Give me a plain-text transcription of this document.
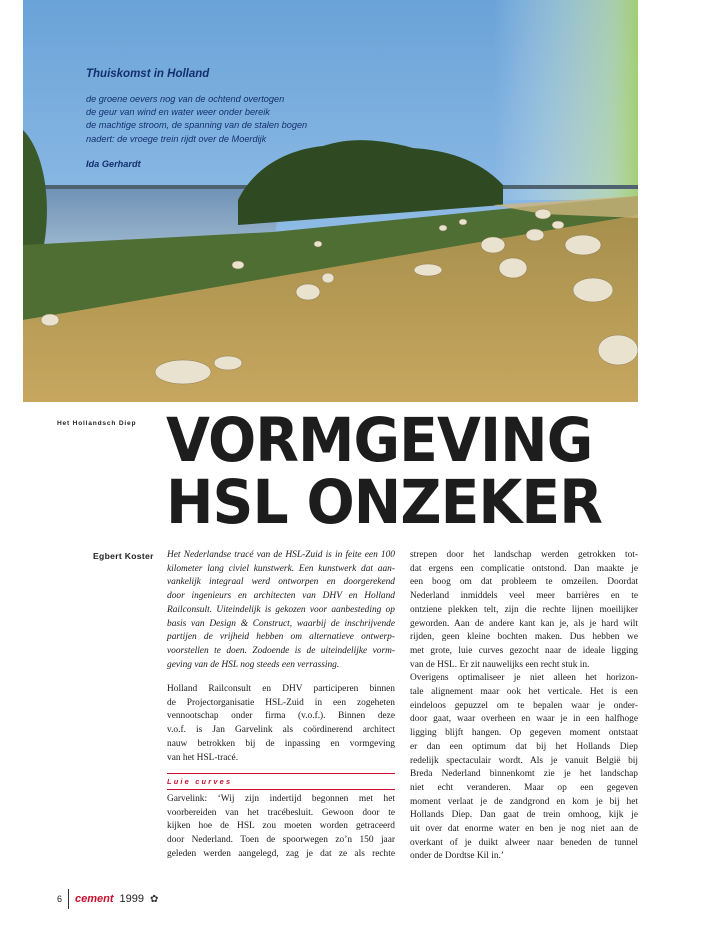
Thuiskomst in Holland

de groene oevers nog van de ochtend overtogen

de geur van wind en water weer onder bereik

de machtige stroom, de spanning van de stalen bogen

nadert: de vroege trein rijdt over de Moerdijk

Ida Gerhardt

Het Hollandsch Diep VORMGEVING
HSL ONZEKER
Egbert Koster Het Nederlandse tracé van de HSL-Zuid is in feite een 100
kilometer lang civiel kunstwerk. Een kunstwerk dat aan-
vankelijk integraal werd ontworpen en doorgerekend
door ingenieurs en architecten van DHV en Holland
Railconsult. Uiteindelijk is gekozen voor aanbesteding op
basis van Design & Construct, waarbij de inschrijvende
partijen de vrijheid hebben om alternatieve ontwerp-
voorstellen te doen. Zodoende is de uiteindelijke vorm-
geving van de HSL nog steeds een verrassing.
Holland Railconsult en DHV participeren binnen
de Projectorganisatie HSL-Zuid in een zogeheten
vennootschap onder firma (v.o.f.). Binnen deze
v.o.f. is Jan Garvelink als coördinerend architect
nauw betrokken bij de inpassing en vormgeving
van het HSL-tracé.
Luie curves
Garvelink: ‘Wij zijn indertijd begonnen met het
voorbereiden van het tracébesluit. Gewoon door te
kijken hoe de HSL zou moeten worden getraceerd
door Nederland. Toen de spoorwegen zo’n 150 jaar
geleden werden aangelegd, zag je dat ze als rechte
strepen door het landschap werden getrokken tot-
dat ergens een complicatie ontstond. Dan maakte je
een boog om dat probleem te omzeilen. Doordat
Nederland inmiddels veel meer barrières en te
ontziene plekken telt, zijn die rechte lijnen moeilijker
geworden. Aan de andere kant kan je, als je hard wilt
rijden, geen kleine bochten maken. Dus hebben we
met grote, luie curves gezocht naar de ideale ligging
van de HSL. Er zit nauwelijks een recht stuk in.
Overigens optimaliseer je niet alleen het horizon-
tale alignement maar ook het verticale. Het is een
eindeloos gepuzzel om te bepalen waar je onder-
door gaat, waar overheen en waar je in een halfhoge
ligging blijft hangen. Op gegeven moment ontstaat
er dan een optimum dat bij het Hollands Diep
redelijk spectaculair wordt. Als je vanuit België bij
Breda Nederland binnenkomt zie je het landschap
niet echt veranderen. Maar op een gegeven
moment verlaat je de zandgrond en kom je bij het
Hollands Diep. Dan gaat de trein omhoog, kijk je
uit over dat enorme water en ben je nog niet aan de
overkant of je duikt alweer naar beneden de tunnel
onder de Dordtse Kil in.’
6 cement 1999 ✿
